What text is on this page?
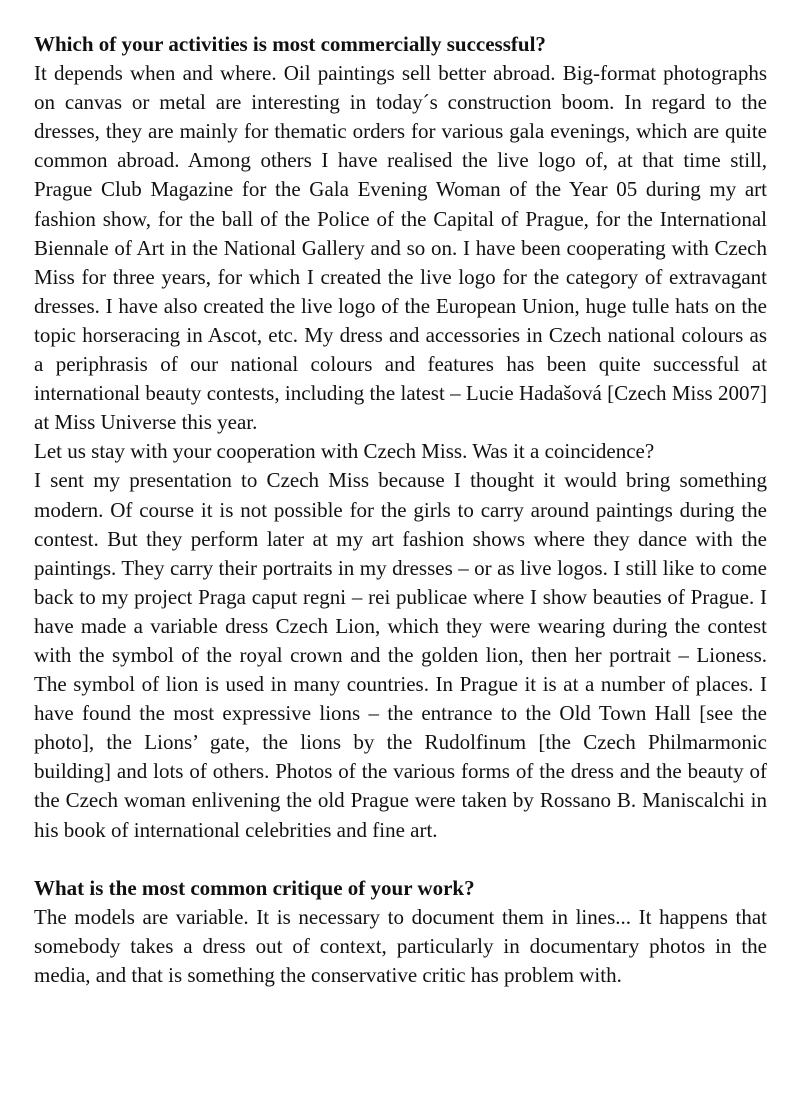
Which of your activities is most commercially successful?

It depends when and where. Oil paintings sell better abroad. Big-format photographs on canvas or metal are interesting in today´s construction boom. In regard to the dresses, they are mainly for thematic orders for various gala evenings, which are quite common abroad. Among others I have realised the live logo of, at that time still, Prague Club Magazine for the Gala Evening Woman of the Year 05 during my art fashion show, for the ball of the Police of the Capital of Prague, for the International Biennale of Art in the National Gallery and so on. I have been cooperating with Czech Miss for three years, for which I created the live logo for the category of extravagant dresses. I have also created the live logo of the European Union, huge tulle hats on the topic horseracing in Ascot, etc. My dress and accessories in Czech national colours as a periphrasis of our national colours and features has been quite successful at international beauty contests, including the latest – Lucie Hadašová [Czech Miss 2007] at Miss Universe this year.

Let us stay with your cooperation with Czech Miss. Was it a coincidence?

I sent my presentation to Czech Miss because I thought it would bring something modern. Of course it is not possible for the girls to carry around paintings during the contest. But they perform later at my art fashion shows where they dance with the paintings. They carry their portraits in my dresses – or as live logos. I still like to come back to my project Praga caput regni – rei publicae where I show beauties of Prague. I have made a variable dress Czech Lion, which they were wearing during the contest with the symbol of the royal crown and the golden lion, then her portrait – Lioness. The symbol of lion is used in many countries. In Prague it is at a number of places. I have found the most expressive lions – the entrance to the Old Town Hall [see the photo], the Lions’ gate, the lions by the Rudolfinum [the Czech Philmarmonic building] and lots of others. Photos of the various forms of the dress and the beauty of the Czech woman enlivening the old Prague were taken by Rossano B. Maniscalchi in his book of international celebrities and fine art.

What is the most common critique of your work?

The models are variable. It is necessary to document them in lines... It happens that somebody takes a dress out of context, particularly in documentary photos in the media, and that is something the conservative critic has problem with.
